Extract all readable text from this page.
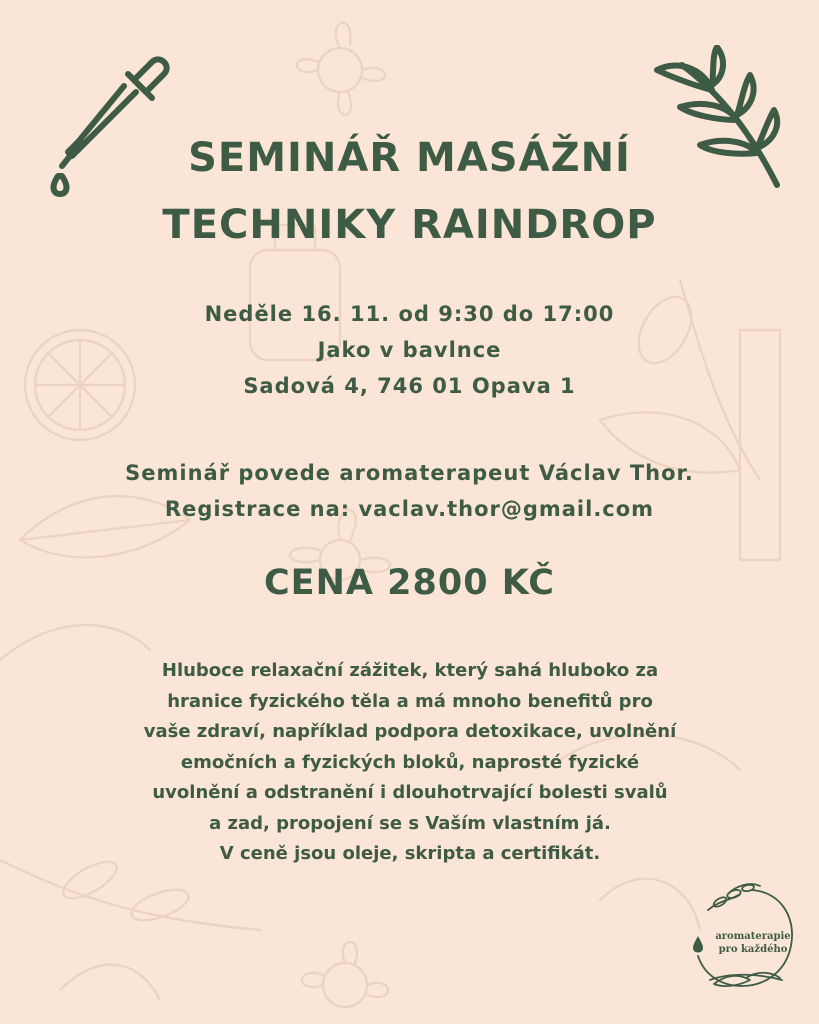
SEMINÁŘ MASÁŽNÍ
TECHNIKY RAINDROP
Neděle 16. 11. od 9:30 do 17:00
Jako v bavlnce
Sadová 4, 746 01 Opava 1
Seminář povede aromaterapeut Václav Thor.
Registrace na: vaclav.thor@gmail.com
CENA 2800 KČ
Hluboce relaxační zážitek, který sahá hluboko za
hranice fyzického těla a má mnoho benefitů pro
vaše zdraví, například podpora detoxikace, uvolnění
emočních a fyzických bloků, naprosté fyzické
uvolnění a odstranění i dlouhotrvající bolesti svalů
a zad, propojení se s Vaším vlastním já.
V ceně jsou oleje, skripta a certifikát.
aromaterapie
pro každého
